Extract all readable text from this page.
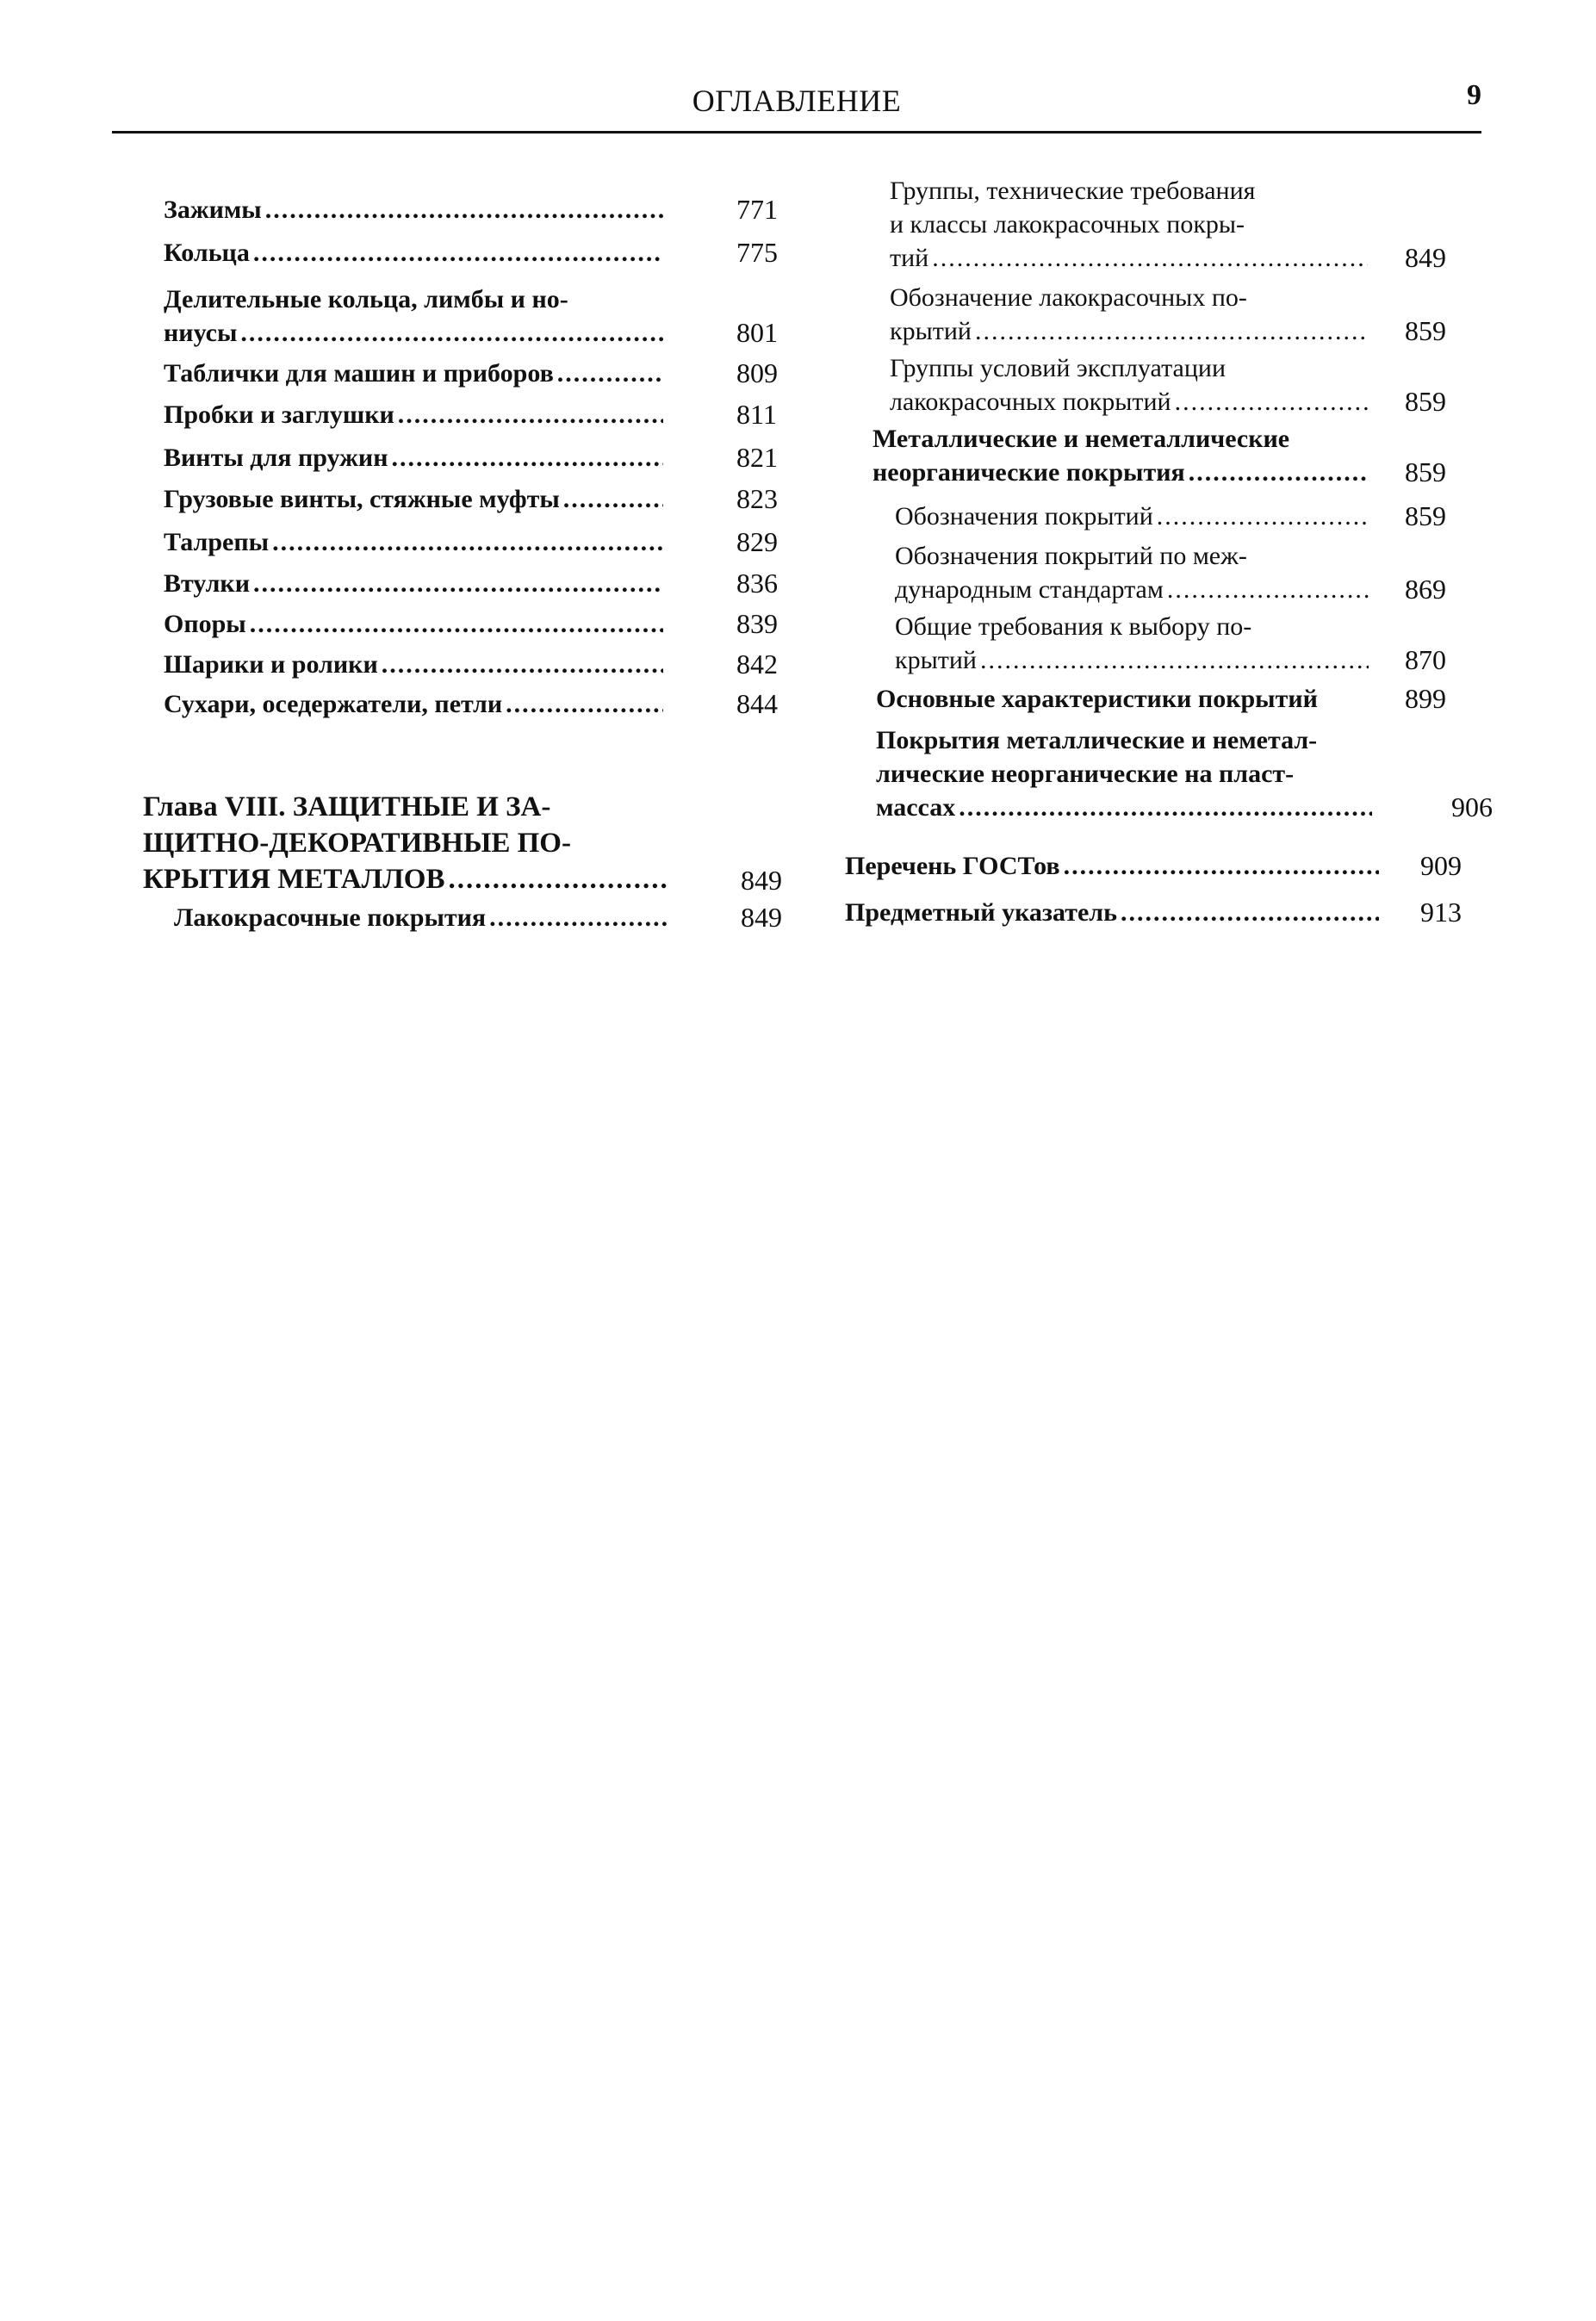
ОГЛАВЛЕНИЕ	9
Зажимы .....	771
Кольца .....	775
Делительные кольца, лимбы и но-
ниусы .....	801
Таблички для машин и приборов .....	809
Пробки и заглушки .....	811
Винты для пружин .....	821
Грузовые винты, стяжные муфты .....	823
Талрепы .....	829
Втулки .....	836
Опоры .....	839
Шарики и ролики .....	842
Сухари, оседержатели, петли .....	844
Глава VIII. ЗАЩИТНЫЕ И ЗА-
ЩИТНО-ДЕКОРАТИВНЫЕ ПО-
КРЫТИЯ МЕТАЛЛОВ .....	849
Лакокрасочные покрытия .....	849
Группы, технические требования
и классы лакокрасочных покры-
тий .....	849
Обозначение лакокрасочных по-
крытий .....	859
Группы условий эксплуатации
лакокрасочных покрытий .....	859
Металлические и неметаллические
неорганические покрытия .....	859
Обозначения покрытий .....	859
Обозначения покрытий по меж-
дународным стандартам .....	869
Общие требования к выбору по-
крытий .....	870
Основные характеристики покрытий	899
Покрытия металлические и неметал-
лические неорганические на пласт-
массах .....	906
Перечень ГОСТов .....	909
Предметный указатель .....	913
